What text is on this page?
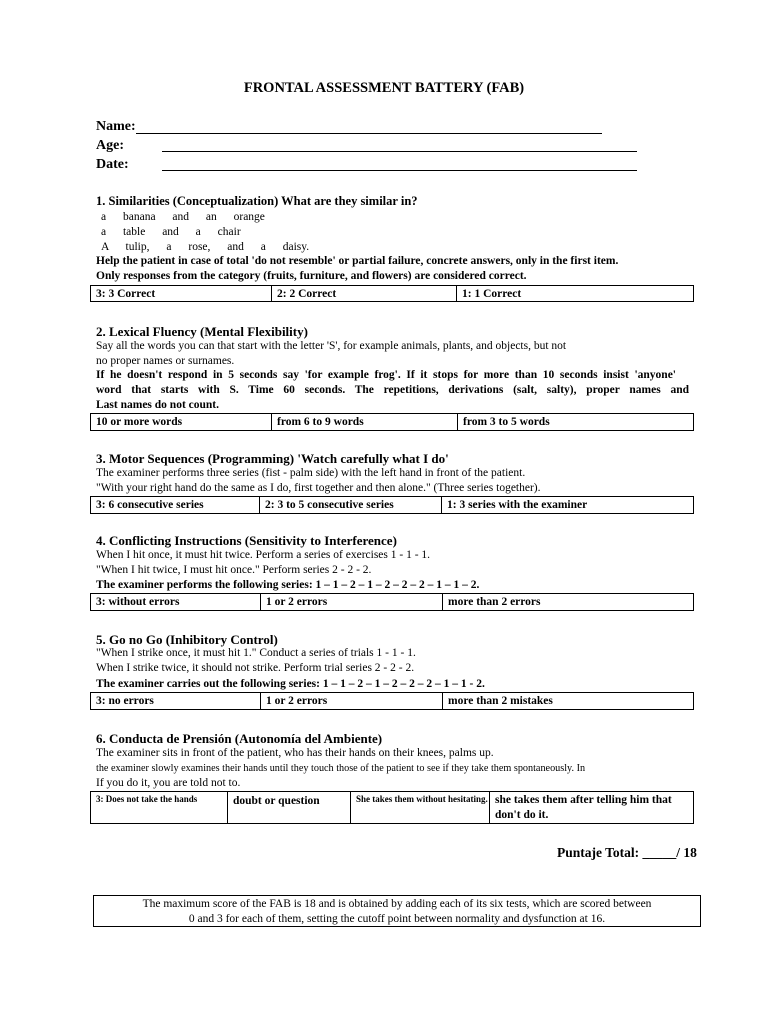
FRONTAL ASSESSMENT BATTERY (FAB)
Name:
Age:
Date:
1. Similarities (Conceptualization) What are they similar in?
a banana and an orange
a table and a chair
A tulip, a rose, and a daisy.
Help the patient in case of total 'do not resemble' or partial failure, concrete answers, only in the first item.
Only responses from the category (fruits, furniture, and flowers) are considered correct.
3: 3 Correct	2: 2 Correct	1: 1 Correct
2. Lexical Fluency (Mental Flexibility)
Say all the words you can that start with the letter 'S', for example animals, plants, and objects, but not
no proper names or surnames.
If he doesn't respond in 5 seconds say 'for example frog'. If it stops for more than 10 seconds insist 'anyone'
word that starts with S. Time 60 seconds. The repetitions, derivations (salt, salty), proper names and
Last names do not count.
10 or more words	from 6 to 9 words	from 3 to 5 words
3. Motor Sequences (Programming) 'Watch carefully what I do'
The examiner performs three series (fist - palm side) with the left hand in front of the patient.
"With your right hand do the same as I do, first together and then alone." (Three series together).
3: 6 consecutive series	2: 3 to 5 consecutive series	1: 3 series with the examiner
4. Conflicting Instructions (Sensitivity to Interference)
When I hit once, it must hit twice. Perform a series of exercises 1 - 1 - 1.
"When I hit twice, I must hit once." Perform series 2 - 2 - 2.
The examiner performs the following series: 1 – 1 – 2 – 1 – 2 – 2 – 2 – 1 – 1 – 2.
3: without errors	1 or 2 errors	more than 2 errors
5. Go no Go (Inhibitory Control)
"When I strike once, it must hit 1." Conduct a series of trials 1 - 1 - 1.
When I strike twice, it should not strike. Perform trial series 2 - 2 - 2.
The examiner carries out the following series: 1 – 1 – 2 – 1 – 2 – 2 – 2 – 1 – 1 - 2.
3: no errors	1 or 2 errors	more than 2 mistakes
6. Conducta de Prensión (Autonomía del Ambiente)
The examiner sits in front of the patient, who has their hands on their knees, palms up.
the examiner slowly examines their hands until they touch those of the patient to see if they take them spontaneously. In
If you do it, you are told not to.
3: Does not take the hands	doubt or question	She takes them without hesitating.	she takes them after telling him that don't do it.
Puntaje Total: _____/ 18
The maximum score of the FAB is 18 and is obtained by adding each of its six tests, which are scored between
0 and 3 for each of them, setting the cutoff point between normality and dysfunction at 16.
